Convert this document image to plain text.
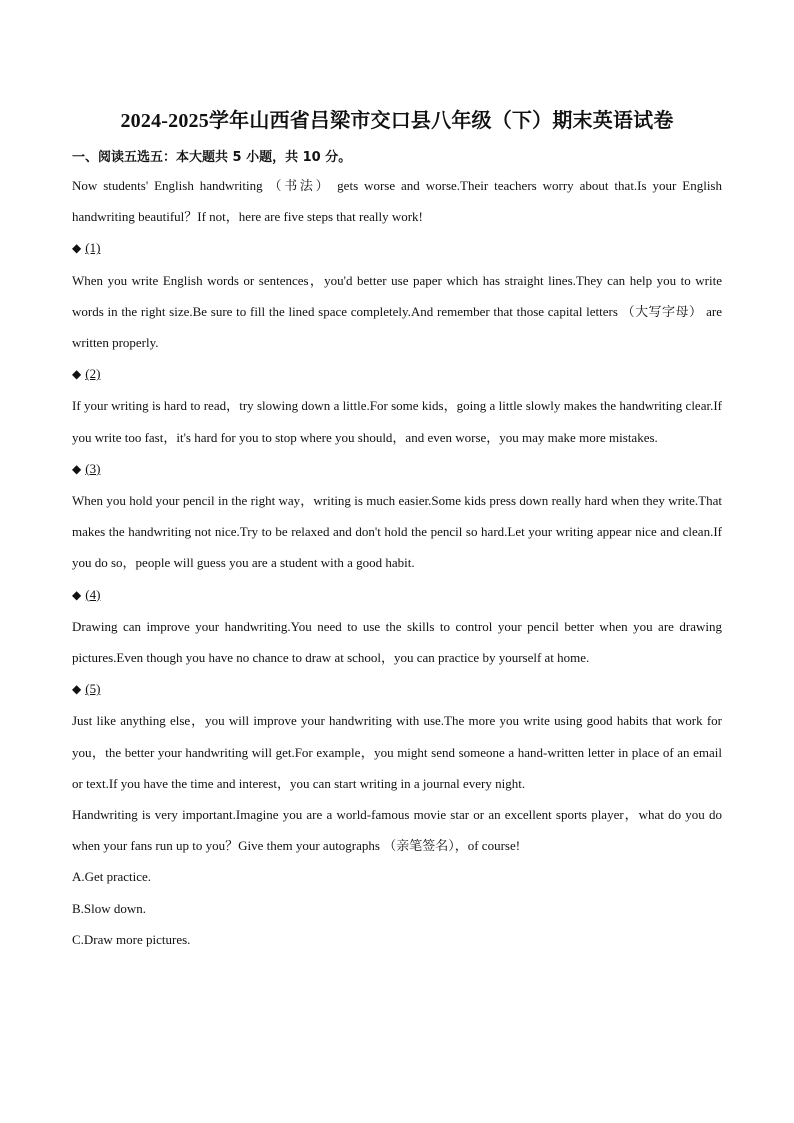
2024-2025学年山西省吕梁市交口县八年级（下）期末英语试卷
一、阅读五选五：本大题共 5 小题，共 10 分。

Now students' English handwriting （书法） gets worse and worse.Their teachers worry about that.Is your English handwriting beautiful？If not，here are five steps that really work!

◆ (1)

When you write English words or sentences，you'd better use paper which has straight lines.They can help you to write words in the right size.Be sure to fill the lined space completely.And remember that those capital letters （大写字母） are written properly.

◆ (2)

If your writing is hard to read，try slowing down a little.For some kids，going a little slowly makes the handwriting clear.If you write too fast，it's hard for you to stop where you should，and even worse，you may make more mistakes.

◆ (3)

When you hold your pencil in the right way，writing is much easier.Some kids press down really hard when they write.That makes the handwriting not nice.Try to be relaxed and don't hold the pencil so hard.Let your writing appear nice and clean.If you do so，people will guess you are a student with a good habit.

◆ (4)

Drawing can improve your handwriting.You need to use the skills to control your pencil better when you are drawing pictures.Even though you have no chance to draw at school，you can practice by yourself at home.

◆ (5)

Just like anything else，you will improve your handwriting with use.The more you write using good habits that work for you，the better your handwriting will get.For example，you might send someone a hand-written letter in place of an email or text.If you have the time and interest，you can start writing in a journal every night.

Handwriting is very important.Imagine you are a world-famous movie star or an excellent sports player，what do you do when your fans run up to you？Give them your autographs （亲笔签名），of course!

A.Get practice.

B.Slow down.

C.Draw more pictures.
